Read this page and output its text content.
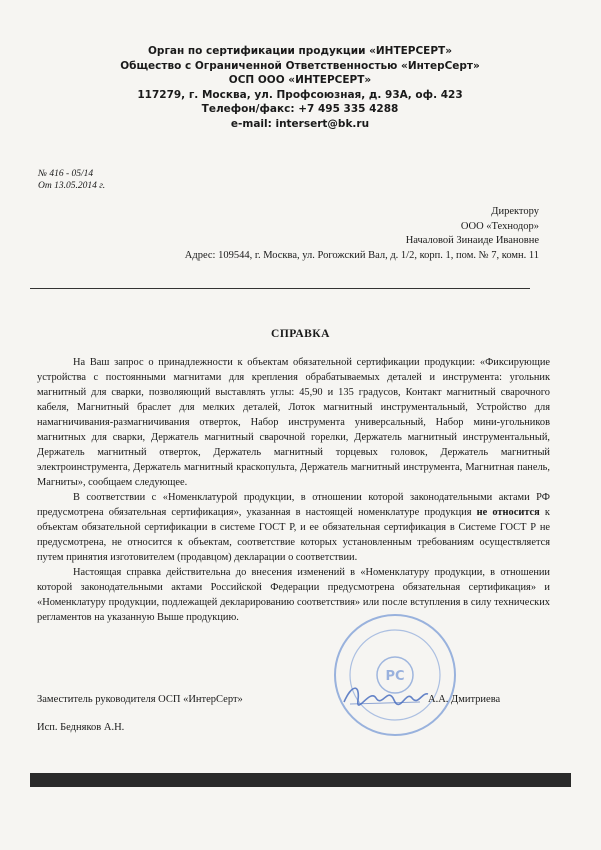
Орган по сертификации продукции «ИНТЕРСЕРТ»
Общество с Ограниченной Ответственностью «ИнтерСерт»
ОСП ООО «ИНТЕРСЕРТ»
117279, г. Москва, ул. Профсоюзная, д. 93А, оф. 423
Телефон/факс: +7 495 335 4288
e-mail: intersert@bk.ru
№ 416 - 05/14
От 13.05.2014 г.
Директору
ООО «Технодор»
Началовой Зинаиде Ивановне
Адрес: 109544, г. Москва, ул. Рогожский Вал, д. 1/2, корп. 1, пом. № 7, комн. 11
СПРАВКА

На Ваш запрос о принадлежности к объектам обязательной сертификации продукции: «Фиксирующие устройства с постоянными магнитами для крепления обрабатываемых деталей и инструмента: угольник магнитный для сварки, позволяющий выставлять углы: 45,90 и 135 градусов, Контакт магнитный сварочного кабеля, Магнитный браслет для мелких деталей, Лоток магнитный инструментальный, Устройство для намагничивания-размагничивания отверток, Набор инструмента универсальный, Набор мини-угольников магнитных для сварки, Держатель магнитный сварочной горелки, Держатель магнитный инструментальный, Держатель магнитный отверток, Держатель магнитный торцевых головок, Держатель магнитный электроинструмента, Держатель магнитный краскопульта, Держатель магнитный инструмента, Магнитная панель, Магниты», сообщаем следующее.

В соответствии с «Номенклатурой продукции, в отношении которой законодательными актами РФ предусмотрена обязательная сертификация», указанная в настоящей номенклатуре продукция не относится к объектам обязательной сертификации в системе ГОСТ Р, и ее обязательная сертификация в Системе ГОСТ Р не предусмотрена, не относится к объектам, соответствие которых установленным требованиям осуществляется путем принятия изготовителем (продавцом) декларации о соответствии.

Настоящая справка действительна до внесения изменений в «Номенклатуру продукции, в отношении которой законодательными актами Российской Федерации предусмотрена обязательная сертификация» и «Номенклатуру продукции, подлежащей декларированию соответствия» или после вступления в силу технических регламентов на указанную Выше продукцию.

PC
Заместитель руководителя ОСП «ИнтерСерт»	А.А. Дмитриева
Исп. Бедняков А.Н.
